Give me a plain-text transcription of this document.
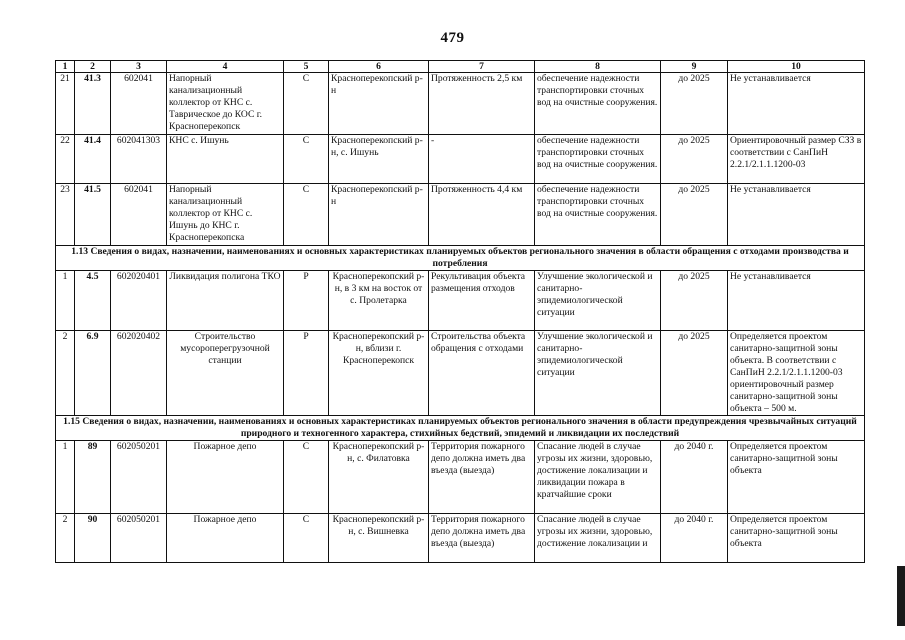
479
1	2	3	4	5	6	7	8	9	10
21	41.3	602041	Напорный канализационный коллектор от КНС с. Таврическое до КОС г. Красноперекопск	С	Красноперекопский р-н	Протяженность 2,5 км	обеспечение надежности транспортировки сточных вод на очистные сооружения.	до 2025	Не устанавливается
22	41.4	602041303	КНС с. Ишунь	С	Красноперекопский р-н, с. Ишунь	-	обеспечение надежности транспортировки сточных вод на очистные сооружения.	до 2025	Ориентировочный размер СЗЗ в соответствии с СанПиН 2.2.1/2.1.1.1200-03
23	41.5	602041	Напорный канализационный коллектор от КНС с. Ишунь до КНС г. Красноперекопска	С	Красноперекопский р-н	Протяженность 4,4 км	обеспечение надежности транспортировки сточных вод на очистные сооружения.	до 2025	Не устанавливается
1.13 Сведения о видах, назначении, наименованиях и основных характеристиках планируемых объектов регионального значения в области обращения с отходами производства и потребления									
1	4.5	602020401	Ликвидация полигона ТКО	Р	Красноперекопский р-н, в 3 км на восток от с. Пролетарка	Рекультивация объекта размещения отходов	Улучшение экологической и санитарно-эпидемиологической ситуации	до 2025	Не устанавливается
2	6.9	602020402	Строительство мусороперегрузочной станции	Р	Красноперекопский р-н, вблизи г. Красноперекопск	Строительства объекта обращения с отходами	Улучшение экологической и санитарно-эпидемиологической ситуации	до 2025	Определяется проектом санитарно-защитной зоны объекта. В соответствии с СанПиН 2.2.1/2.1.1.1200-03 ориентировочный размер санитарно-защитной зоны объекта – 500 м.
1.15 Сведения о видах, назначении, наименованиях и основных характеристиках планируемых объектов регионального значения в области предупреждения чрезвычайных ситуаций природного и техногенного характера, стихийных бедствий, эпидемий и ликвидации их последствий									
1	89	602050201	Пожарное депо	С	Красноперекопский р-н, с. Филатовка	Территория пожарного депо должна иметь два въезда (выезда)	Спасание людей в случае угрозы их жизни, здоровью, достижение локализации и ликвидации пожара в кратчайшие сроки	до 2040 г.	Определяется проектом санитарно-защитной зоны объекта
2	90	602050201	Пожарное депо	С	Красноперекопский р-н, с. Вишневка	Территория пожарного депо должна иметь два въезда (выезда)	Спасание людей в случае угрозы их жизни, здоровью, достижение локализации и	до 2040 г.	Определяется проектом санитарно-защитной зоны объекта
